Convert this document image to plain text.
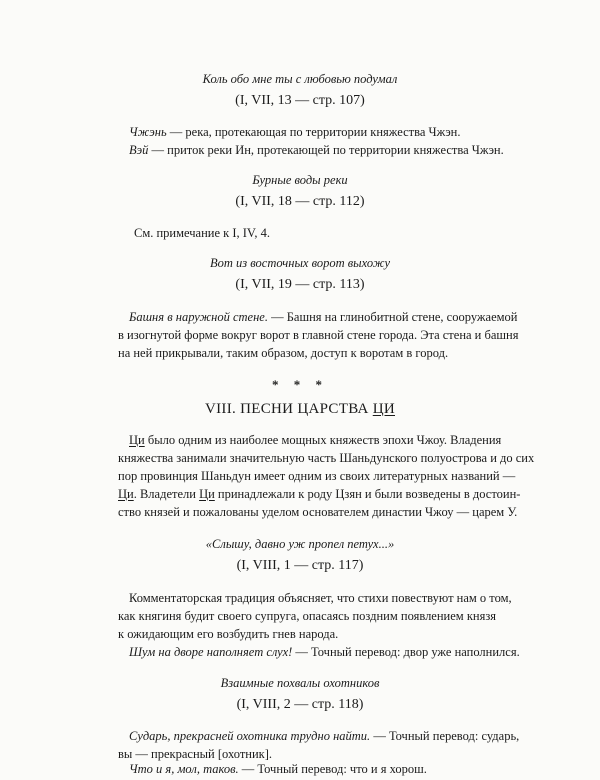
Коль обо мне ты с любовью подумал
(I, VII, 13 — стр. 107)
Чжэнь — река, протекающая по территории княжества Чжэн.
Вэй — приток реки Ин, протекающей по территории княжества Чжэн.
Бурные воды реки
(I, VII, 18 — стр. 112)
См. примечание к I, IV, 4.
Вот из восточных ворот выхожу
(I, VII, 19 — стр. 113)
Башня в наружной стене. — Башня на глинобитной стене, сооружаемой
в изогнутой форме вокруг ворот в главной стене города. Эта стена и башня
на ней прикрывали, таким образом, доступ к воротам в город.
* * *
VIII. ПЕСНИ ЦАРСТВА ЦИ
Ци было одним из наиболее мощных княжеств эпохи Чжоу. Владения
княжества занимали значительную часть Шаньдунского полуострова и до сих
пор провинция Шаньдун имеет одним из своих литературных названий —
Ци. Владетели Ци принадлежали к роду Цзян и были возведены в достоин-
ство князей и пожалованы уделом основателем династии Чжоу — царем У.
«Слышу, давно уж пропел петух...»
(I, VIII, 1 — стр. 117)
Комментаторская традиция объясняет, что стихи повествуют нам о том,
как княгиня будит своего супруга, опасаясь поздним появлением князя
к ожидающим его возбудить гнев народа.
Шум на дворе наполняет слух! — Точный перевод: двор уже наполнился.
Взаимные похвалы охотников
(I, VIII, 2 — стр. 118)
Сударь, прекрасней охотника трудно найти. — Точный перевод: сударь,
вы — прекрасный [охотник].
Что и я, мол, таков. — Точный перевод: что и я хорош.
